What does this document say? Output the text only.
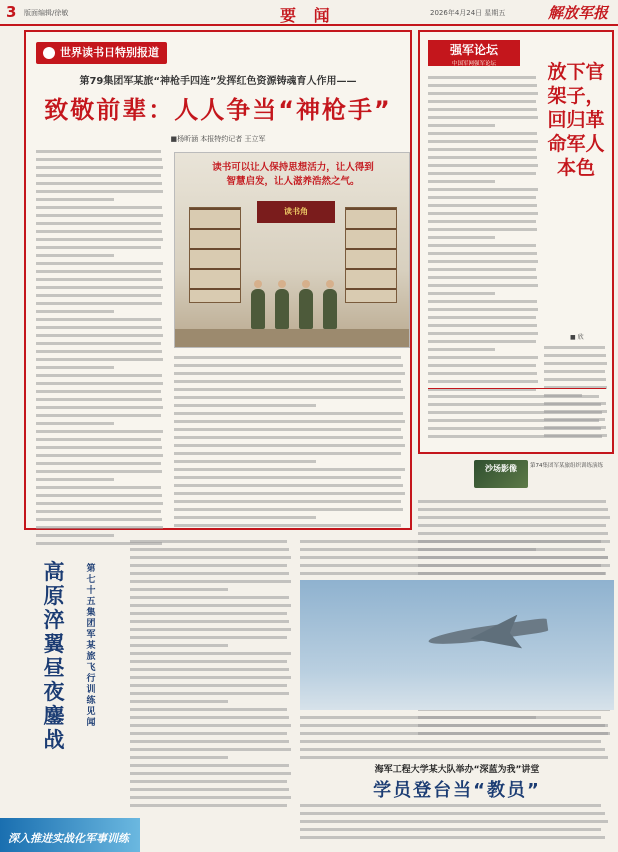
3 版面编辑/徐敏	要 闻	2026年4月24日 星期五	解放军报
世界读书日特别报道
第79集团军某旅“神枪手四连”发挥红色资源铸魂育人作用——
致敬前辈：人人争当“神枪手”
■杨昕涵 本报特约记者 王立军
读书可以让人保持思想活力，让人得到
智慧启发，让人滋养浩然之气。
读书角
强军论坛
中国军网强军论坛	放下官架子，回归革命军人本色
■ 欣
沙场影像	第74集团军某旅组织训练演练
高原淬翼 昼夜鏖战
第七十五集团军某旅飞行训练见闻
深入推进实战化军事训练
海军工程大学某大队举办“深蓝为我”讲堂
学员登台当“教员”
